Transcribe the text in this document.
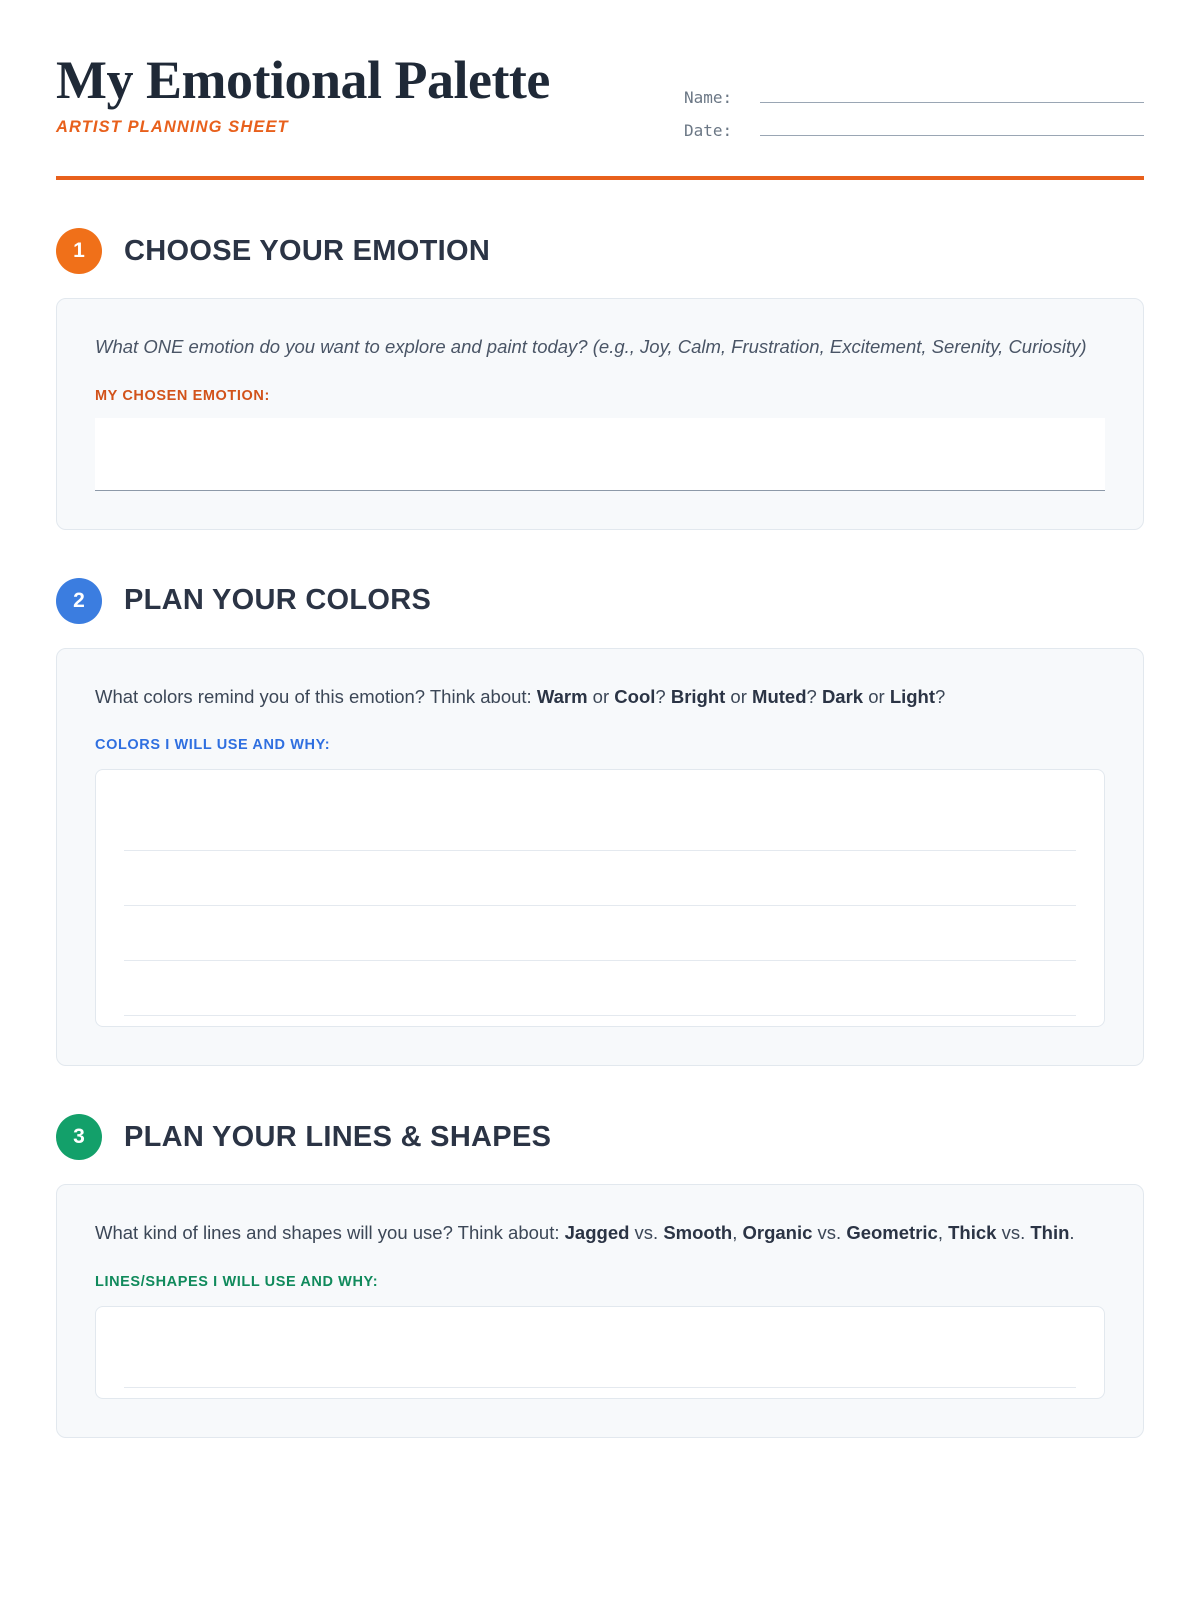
My Emotional Palette
ARTIST PLANNING SHEET
Name:
Date:
1	CHOOSE YOUR EMOTION
What ONE emotion do you want to explore and paint today? (e.g., Joy, Calm, Frustration, Excitement, Serenity, Curiosity)
MY CHOSEN EMOTION:
2	PLAN YOUR COLORS
What colors remind you of this emotion? Think about: Warm or Cool? Bright or Muted? Dark or Light?
COLORS I WILL USE AND WHY:
3	PLAN YOUR LINES & SHAPES
What kind of lines and shapes will you use? Think about: Jagged vs. Smooth, Organic vs. Geometric, Thick vs. Thin.
LINES/SHAPES I WILL USE AND WHY:
